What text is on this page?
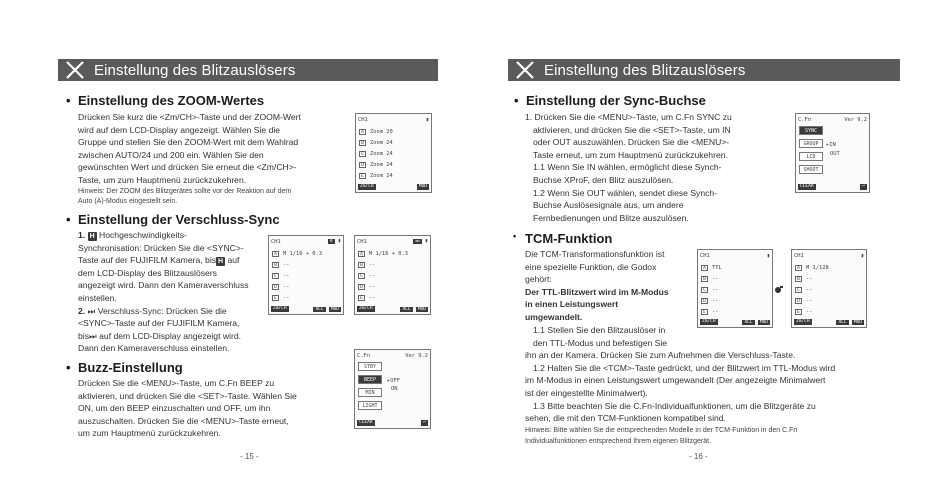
Einstellung des Blitzauslösers
• Einstellung des ZOOM-Wertes
Drücken Sie kurz die <Zm/CH>-Taste und der ZOOM-Wert
wird auf dem LCD-Display angezeigt. Wählen Sie die
Gruppe und stellen Sie den ZOOM-Wert mit dem Wahlrad
zwischen AUTO/24 und 200 ein. Wählen Sie den
gewünschten Wert und drücken Sie erneut die <Zm/CH>-
Taste, um zum Hauptmenü zurückzukehren.
Hinweis: Der ZOOM des Blitzgerätes sollte vor der Reaktion auf dem
Auto (A)-Modus eingestellt sein.
CH1	▮
A	Zoom 20
B	Zoom 24
C	Zoom 24
D	Zoom 24
E	Zoom 24
Zm/CH	MOD
• Einstellung der Verschluss-Sync
1. H Hochgeschwindigkeits-
Synchronisation: Drücken Sie die <SYNC>-
Taste auf der FUJIFILM Kamera, bis H auf
dem LCD-Display des Blitzauslösers
angezeigt wird. Dann den Kameraverschluss
einstellen.
2. ⏭ Verschluss-Sync: Drücken Sie die
<SYNC>-Taste auf der FUJIFILM Kamera,
bis⏭ auf dem LCD-Display angezeigt wird.
Dann den Kameraverschluss einstellen.
CH1	H ▮
A	M 1/16 + 0.3
B	--
C	--
D	--
E	--
Zm/CH	ALL MOD
CH1	⏭ ▮
A	M 1/16 + 0.3
B	--
C	--
D	--
E	--
Zm/CH	ALL MOD
• Buzz-Einstellung
Drücken Sie die <MENU>-Taste, um C.Fn BEEP zu
aktivieren, und drücken Sie die <SET>-Taste. Wählen Sie
ON, um den BEEP einzuschalten und OFF, um ihn
auszuschalten. Drücken Sie die <MENU>-Taste erneut,
um zum Hauptmenü zurückzukehren.
C.Fn	Ver 9.2
STBY
BEEP
MIN
LIGHT
▸ OFF
ON
CLEAR	↩
- 15 -
Einstellung des Blitzauslösers
• Einstellung der Sync-Buchse
1. Drücken Sie die <MENU>-Taste, um C.Fn SYNC zu
aktivieren, und drücken Sie die <SET>-Taste, um IN
oder OUT auszuwählen. Drücken Sie die <MENU>-
Taste erneut, um zum Hauptmenü zurückzukehren.
1.1 Wenn Sie IN wählen, ermöglicht diese Synch-
Buchse XProF, den Blitz auszulösen.
1.2 Wenn Sie OUT wählen, sendet diese Synch-
Buchse Auslösesignale aus, um andere
Fernbedienungen und Blitze auszulösen.
C.Fn	Ver 9.2
SYNC
GROUP
LCD
SHOOT
▸ IN
OUT
CLEAR	↩
• TCM-Funktion
Die TCM-Transformationsfunktion ist
eine spezielle Funktion, die Godox
gehört:
Der TTL-Blitzwert wird im M-Modus
in einen Leistungswert
umgewandelt.
1.1 Stellen Sie den Blitzauslöser in
den TTL-Modus und befestigen Sie
ihn an der Kamera. Drücken Sie zum Aufnehmen die Verschluss-Taste.
1.2 Halten Sie die <TCM>-Taste gedrückt, und der Blitzwert im TTL-Modus wird
im M-Modus in einen Leistungswert umgewandelt (Der angezeigte Minimalwert
ist der eingestellte Minimalwert).
1.3 Bitte beachten Sie die C.Fn-Individualfunktionen, um die Blitzgeräte zu
sehen, die mit den TCM-Funktionen kompatibel sind.
Hinweis: Bitte wählen Sie die entsprechenden Modelle in der TCM-Funktion in den C.Fn
Individualfunktionen entsprechend Ihrem eigenen Blitzgerät.
CH1	▮
A	TTL
B	--
C	--
D	--
E	--
Zm/CH	ALL MOD
CH1	▮
A	M 1/128
B	--
C	--
D	--
E	--
Zm/CH	ALL MOD
- 16 -
